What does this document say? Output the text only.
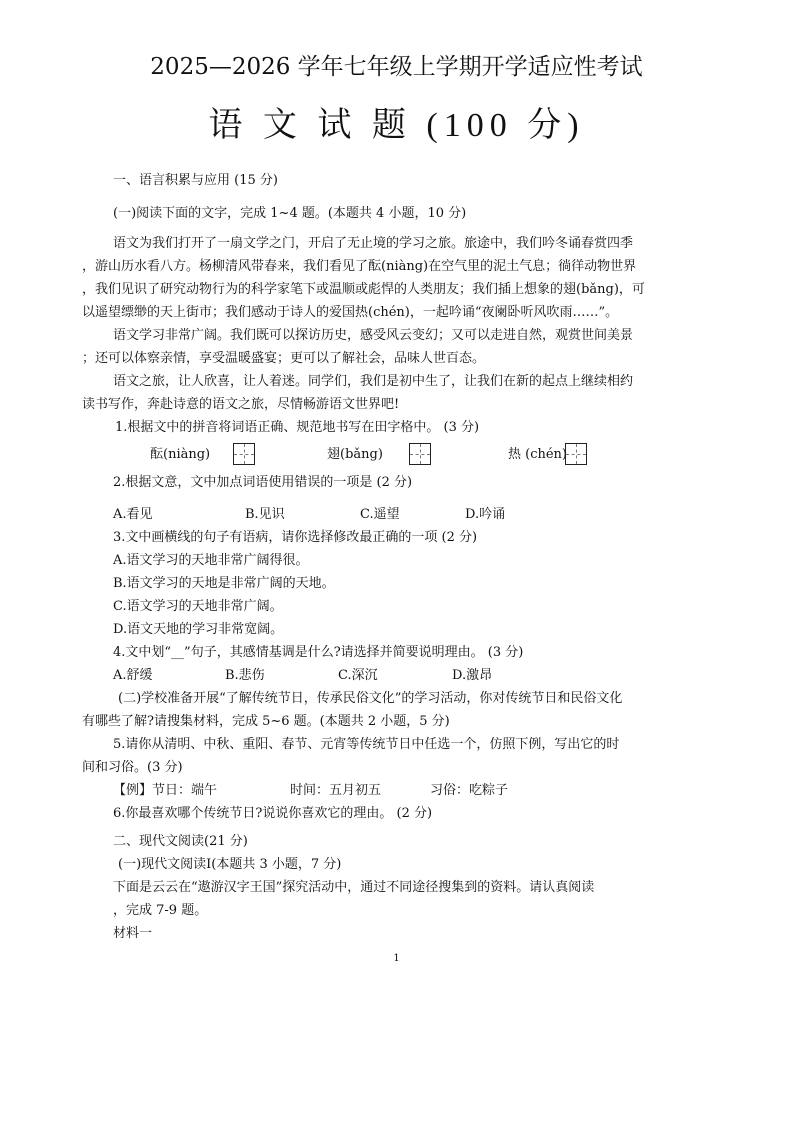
2025—2026 学年七年级上学期开学适应性考试
语 文 试 题 (100 分)
一、语言积累与应用 (15 分)
(一)阅读下面的文字，完成 1~4 题。(本题共 4 小题，10 分)
语文为我们打开了一扇文学之门，开启了无止境的学习之旅。旅途中，我们吟冬诵春赏四季
，游山历水看八方。杨柳清风带春来，我们看见了酝(niàng)在空气里的泥土气息；徜徉动物世界
，我们见识了研究动物行为的科学家笔下或温顺或彪悍的人类朋友；我们插上想象的翅(bǎng)，可
以遥望缥缈的天上街市；我们感动于诗人的爱国热(chén)，一起吟诵“夜阑卧听风吹雨……”。
语文学习非常广阔。我们既可以探访历史，感受风云变幻；又可以走进自然，观赏世间美景
；还可以体察亲情，享受温暖盛宴；更可以了解社会，品味人世百态。
语文之旅，让人欣喜，让人着迷。同学们，我们是初中生了，让我们在新的起点上继续相约
读书写作，奔赴诗意的语文之旅，尽情畅游语文世界吧!
1.根据文中的拼音将词语正确、规范地书写在田字格中。 (3 分)
酝(niàng)	翅(bǎng)	热 (chén)
2.根据文意，文中加点词语使用错误的一项是 (2 分)
A.看见	B.见识	C.遥望	D.吟诵
3.文中画横线的句子有语病，请你选择修改最正确的一项 (2 分)
A.语文学习的天地非常广阔得很。
B.语文学习的天地是非常广阔的天地。
C.语文学习的天地非常广阔。
D.语文天地的学习非常宽阔。
4.文中划“__”句子，其感情基调是什么?请选择并简要说明理由。 (3 分)
A.舒缓	B.悲伤	C.深沉	D.激昂
(二)学校准备开展“了解传统节日，传承民俗文化”的学习活动，你对传统节日和民俗文化
有哪些了解?请搜集材料，完成 5~6 题。(本题共 2 小题，5 分)
5.请你从清明、中秋、重阳、春节、元宵等传统节日中任选一个，仿照下例，写出它的时
间和习俗。(3 分)
【例】节日：端午	时间：五月初五	习俗：吃粽子
6.你最喜欢哪个传统节日?说说你喜欢它的理由。 (2 分)
二、现代文阅读(21 分)
(一)现代文阅读Ⅰ(本题共 3 小题，7 分)
下面是云云在“遨游汉字王国”探究活动中，通过不同途径搜集到的资料。请认真阅读
，完成 7-9 题。
材料一
1
